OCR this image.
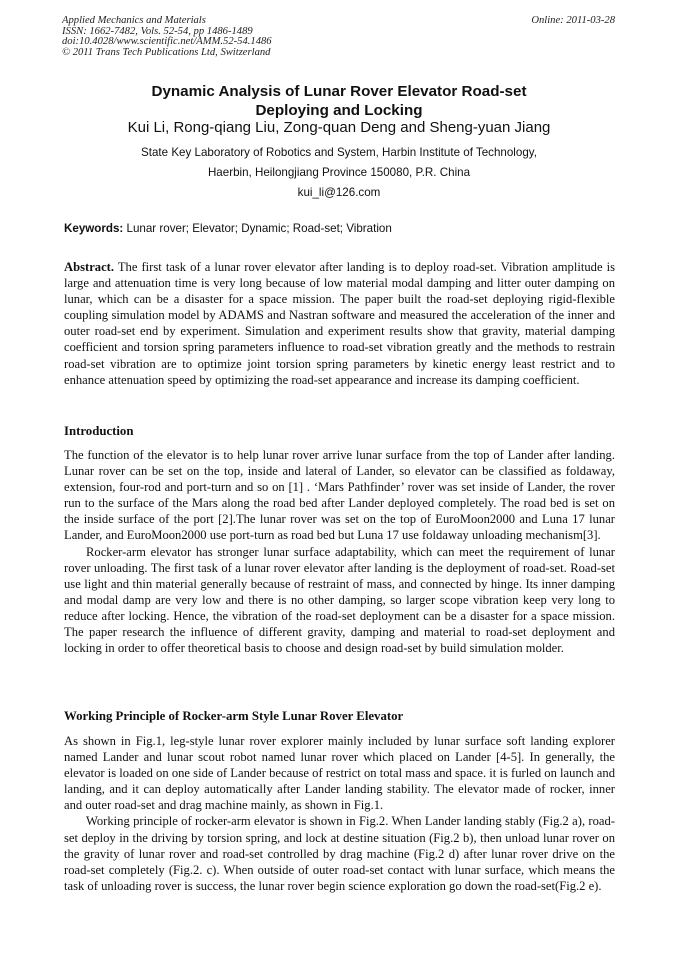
Applied Mechanics and Materials
ISSN: 1662-7482, Vols. 52-54, pp 1486-1489
doi:10.4028/www.scientific.net/AMM.52-54.1486
© 2011 Trans Tech Publications Ltd, Switzerland
Online: 2011-03-28
Dynamic Analysis of Lunar Rover Elevator Road-set
Deploying and Locking
Kui Li, Rong-qiang Liu, Zong-quan Deng and Sheng-yuan Jiang
State Key Laboratory of Robotics and System, Harbin Institute of Technology,
Haerbin, Heilongjiang Province 150080, P.R. China
kui_li@126.com
Keywords: Lunar rover; Elevator; Dynamic; Road-set; Vibration

Abstract. The first task of a lunar rover elevator after landing is to deploy road-set. Vibration amplitude is large and attenuation time is very long because of low material modal damping and litter outer damping on lunar, which can be a disaster for a space mission. The paper built the road-set deploying rigid-flexible coupling simulation model by ADAMS and Nastran software and measured the acceleration of the inner and outer road-set end by experiment. Simulation and experiment results show that gravity, material damping coefficient and torsion spring parameters influence to road-set vibration greatly and the methods to restrain road-set vibration are to optimize joint torsion spring parameters by kinetic energy least restrict and to enhance attenuation speed by optimizing the road-set appearance and increase its damping coefficient.

Introduction

The function of the elevator is to help lunar rover arrive lunar surface from the top of Lander after landing. Lunar rover can be set on the top, inside and lateral of Lander, so elevator can be classified as foldaway, extension, four-rod and port-turn and so on [1] . ‘Mars Pathfinder’ rover was set inside of Lander, the rover run to the surface of the Mars along the road bed after Lander deployed completely. The road bed is set on the inside surface of the port [2].The lunar rover was set on the top of EuroMoon2000 and Luna 17 lunar Lander, and EuroMoon2000 use port-turn as road bed but Luna 17 use foldaway unloading mechanism[3].

Rocker-arm elevator has stronger lunar surface adaptability, which can meet the requirement of lunar rover unloading. The first task of a lunar rover elevator after landing is the deployment of road-set. Road-set use light and thin material generally because of restraint of mass, and connected by hinge. Its inner damping and modal damp are very low and there is no other damping, so larger scope vibration keep very long to reduce after locking. Hence, the vibration of the road-set deployment can be a disaster for a space mission. The paper research the influence of different gravity, damping and material to road-set deployment and locking in order to offer theoretical basis to choose and design road-set by build simulation molder.

Working Principle of Rocker-arm Style Lunar Rover Elevator

As shown in Fig.1, leg-style lunar rover explorer mainly included by lunar surface soft landing explorer named Lander and lunar scout robot named lunar rover which placed on Lander [4-5]. In generally, the elevator is loaded on one side of Lander because of restrict on total mass and space. it is furled on launch and landing, and it can deploy automatically after Lander landing stability. The elevator made of rocker, inner and outer road-set and drag machine mainly, as shown in Fig.1.

Working principle of rocker-arm elevator is shown in Fig.2. When Lander landing stably (Fig.2 a), road-set deploy in the driving by torsion spring, and lock at destine situation (Fig.2 b), then unload lunar rover on the gravity of lunar rover and road-set controlled by drag machine (Fig.2 d) after lunar rover drive on the road-set completely (Fig.2. c). When outside of outer road-set contact with lunar surface, which means the task of unloading rover is success, the lunar rover begin science exploration go down the road-set(Fig.2 e).
